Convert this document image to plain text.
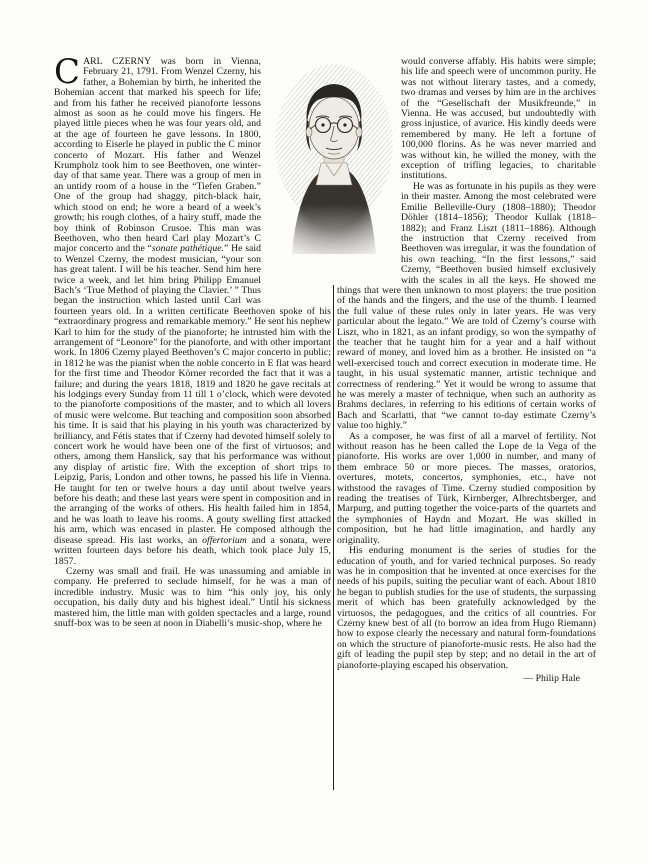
CARL CZERNY was born in Vienna, February 21, 1791. From Wenzel Czerny, his father, a Bohemian by birth, he inherited the Bohemian accent that marked his speech for life; and from his father he received pianoforte lessons almost as soon as he could move his fingers. He played little pieces when he was four years old, and at the age of fourteen he gave lessons. In 1800, according to Eiserle he played in public the C minor concerto of Mozart. His father and Wenzel Krumpholz took him to see Beethoven, one winter-day of that same year. There was a group of men in an untidy room of a house in the “Tiefen Graben.” One of the group had shaggy, pitch-black hair, which stood on end; he wore a beard of a week’s growth; his rough clothes, of a hairy stuff, made the boy think of Robinson Crusoe. This man was Beethoven, who then heard Carl play Mozart’s C major concerto and the “sonate pathétique.” He said to Wenzel Czerny, the modest musician, “your son has great talent. I will be his teacher. Send him here twice a week, and let him bring Philipp Emanuel Bach’s ‘True Method of playing the Clavier.’ ” Thus began the instruction which lasted until Carl was fourteen years old. In a written certificate Beethoven spoke of his “extraordinary progress and remarkable memory.” He sent his nephew Karl to him for the study of the pianoforte; he intrusted him with the arrangement of “Leonore” for the pianoforte, and with other important work. In 1806 Czerny played Beethoven’s C major concerto in public; in 1812 he was the pianist when the noble concerto in E flat was heard for the first time and Theodor Körner recorded the fact that it was a failure; and during the years 1818, 1819 and 1820 he gave recitals at his lodgings every Sunday from 11 till 1 o’clock, which were devoted to the pianoforte compositions of the master, and to which all lovers of music were welcome. But teaching and composition soon absorbed his time. It is said that his playing in his youth was characterized by brilliancy, and Fétis states that if Czerny had devoted himself solely to concert work he would have been one of the first of virtuosos; and others, among them Hanslick, say that his performance was without any display of artistic fire. With the exception of short trips to Leipzig, Paris, London and other towns, he passed his life in Vienna. He taught for ten or twelve hours a day until about twelve years before his death; and these last years were spent in composition and in the arranging of the works of others. His health failed him in 1854, and he was loath to leave his rooms. A gouty swelling first attacked his arm, which was encased in plaster. He composed although the disease spread. His last works, an offertorium and a sonata, were written fourteen days before his death, which took place July 15, 1857.

Czerny was small and frail. He was unassuming and amiable in company. He preferred to seclude himself, for he was a man of incredible industry. Music was to him “his only joy, his only occupation, his daily duty and his highest ideal.” Until his sickness mastered him, the little man with golden spectacles and a large, round snuff-box was to be seen at noon in Diabelli’s music-shop, where he

would converse affably. His habits were simple; his life and speech were of uncommon purity. He was not without literary tastes, and a comedy, two dramas and verses by him are in the archives of the “Gesellschaft der Musikfreunde,” in Vienna. He was accused, but undoubtedly with gross injustice, of avarice. His kindly deeds were remembered by many. He left a fortune of 100,000 florins. As he was never married and was without kin, he willed the money, with the exception of trifling legacies, to charitable institutions.

He was as fortunate in his pupils as they were in their master. Among the most celebrated were Emilie Belleville-Oury (1808–1880); Theodor Döhler (1814–1856); Theodor Kullak (1818–1882); and Franz Liszt (1811–1886). Although the instruction that Czerny received from Beethoven was irregular, it was the foundation of his own teaching. “In the first lessons,” said Czerny, “Beethoven busied himself exclusively with the scales in all the keys. He showed me things that were then unknown to most players: the true position of the hands and the fingers, and the use of the thumb. I learned the full value of these rules only in later years. He was very particular about the legato.” We are told of Czerny’s course with Liszt, who in 1821, as an infant prodigy, so won the sympathy of the teacher that he taught him for a year and a half without reward of money, and loved him as a brother. He insisted on “a well-exercised touch and correct execution in moderate time. He taught, in his usual systematic manner, artistic technique and correctness of rendering.” Yet it would be wrong to assume that he was merely a master of technique, when such an authority as Brahms declares, in referring to his editions of certain works of Bach and Scarlatti, that “we cannot to-day estimate Czerny’s value too highly.”

As a composer, he was first of all a marvel of fertility. Not without reason has he been called the Lope de la Vega of the pianoforte. His works are over 1,000 in number, and many of them embrace 50 or more pieces. The masses, oratorios, overtures, motets, concertos, symphonies, etc., have not withstood the ravages of Time. Czerny studied composition by reading the treatises of Türk, Kirnberger, Albrechtsberger, and Marpurg, and putting together the voice-parts of the quartets and the symphonies of Haydn and Mozart. He was skilled in composition, but he had little imagination, and hardly any originality.

His enduring monument is the series of studies for the education of youth, and for varied technical purposes. So ready was he in composition that he invented at once exercises for the needs of his pupils, suiting the peculiar want of each. About 1810 he began to publish studies for the use of students, the surpassing merit of which has been gratefully acknowledged by the virtuosos, the pedagogues, and the critics of all countries. For Czerny knew best of all (to borrow an idea from Hugo Riemann) how to expose clearly the necessary and natural form-foundations on which the structure of pianoforte-music rests. He also had the gift of leading the pupil step by step; and no detail in the art of pianoforte-playing escaped his observation.

— Philip Hale
